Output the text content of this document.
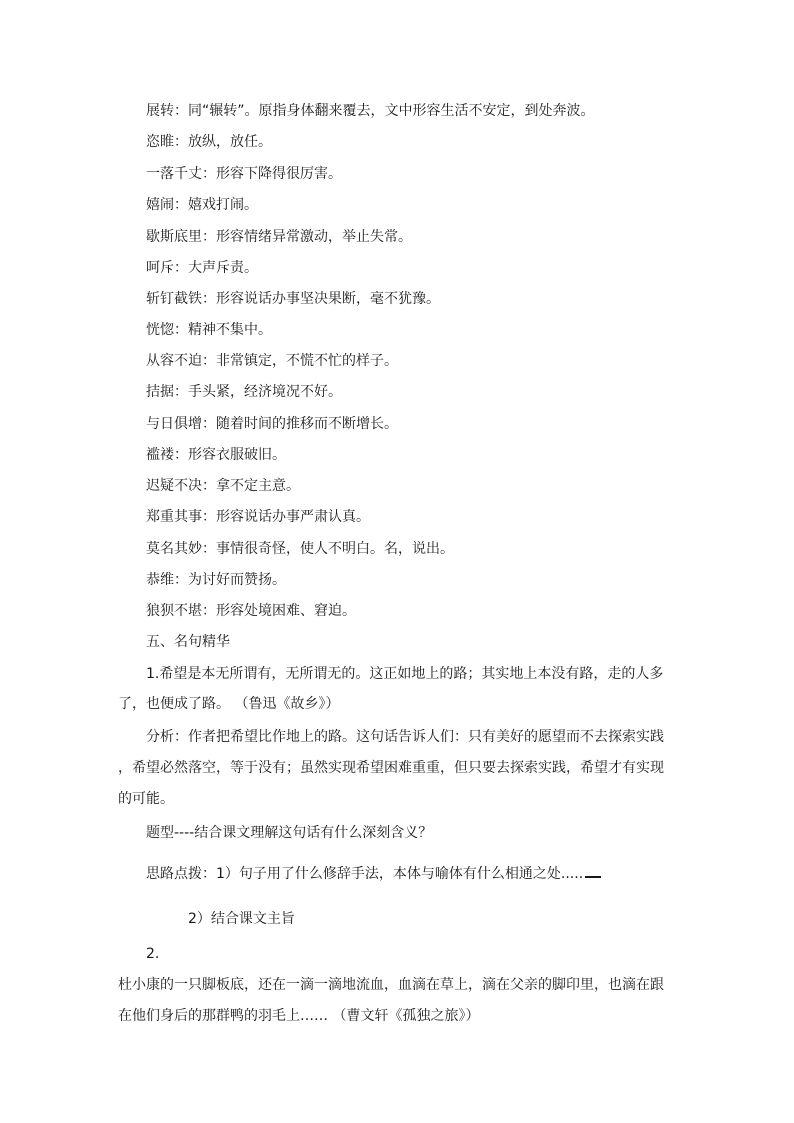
展转：同“辗转”。原指身体翻来覆去，文中形容生活不安定，到处奔波。
恣睢：放纵，放任。
一落千丈：形容下降得很厉害。
嬉闹：嬉戏打闹。
歇斯底里：形容情绪异常激动，举止失常。
呵斥：大声斥责。
斩钉截铁：形容说话办事坚决果断，毫不犹豫。
恍惚：精神不集中。
从容不迫：非常镇定，不慌不忙的样子。
拮据：手头紧，经济境况不好。
与日俱增：随着时间的推移而不断增长。
褴褛：形容衣服破旧。
迟疑不决：拿不定主意。
郑重其事：形容说话办事严肃认真。
莫名其妙：事情很奇怪，使人不明白。名，说出。
恭维：为讨好而赞扬。
狼狈不堪：形容处境困难、窘迫。
五、名句精华
1.希望是本无所谓有，无所谓无的。这正如地上的路；其实地上本没有路，走的人多
了，也便成了路。 （鲁迅《故乡》）
分析：作者把希望比作地上的路。这句话告诉人们：只有美好的愿望而不去探索实践
，希望必然落空，等于没有；虽然实现希望困难重重，但只要去探索实践，希望才有实现
的可能。
题型----结合课文理解这句话有什么深刻含义？
思路点拨：1）句子用了什么修辞手法，本体与喻体有什么相通之处.....
2）结合课文主旨
2.
杜小康的一只脚板底，还在一滴一滴地流血，血滴在草上，滴在父亲的脚印里，也滴在跟
在他们身后的那群鸭的羽毛上…… （曹文轩《孤独之旅》）
